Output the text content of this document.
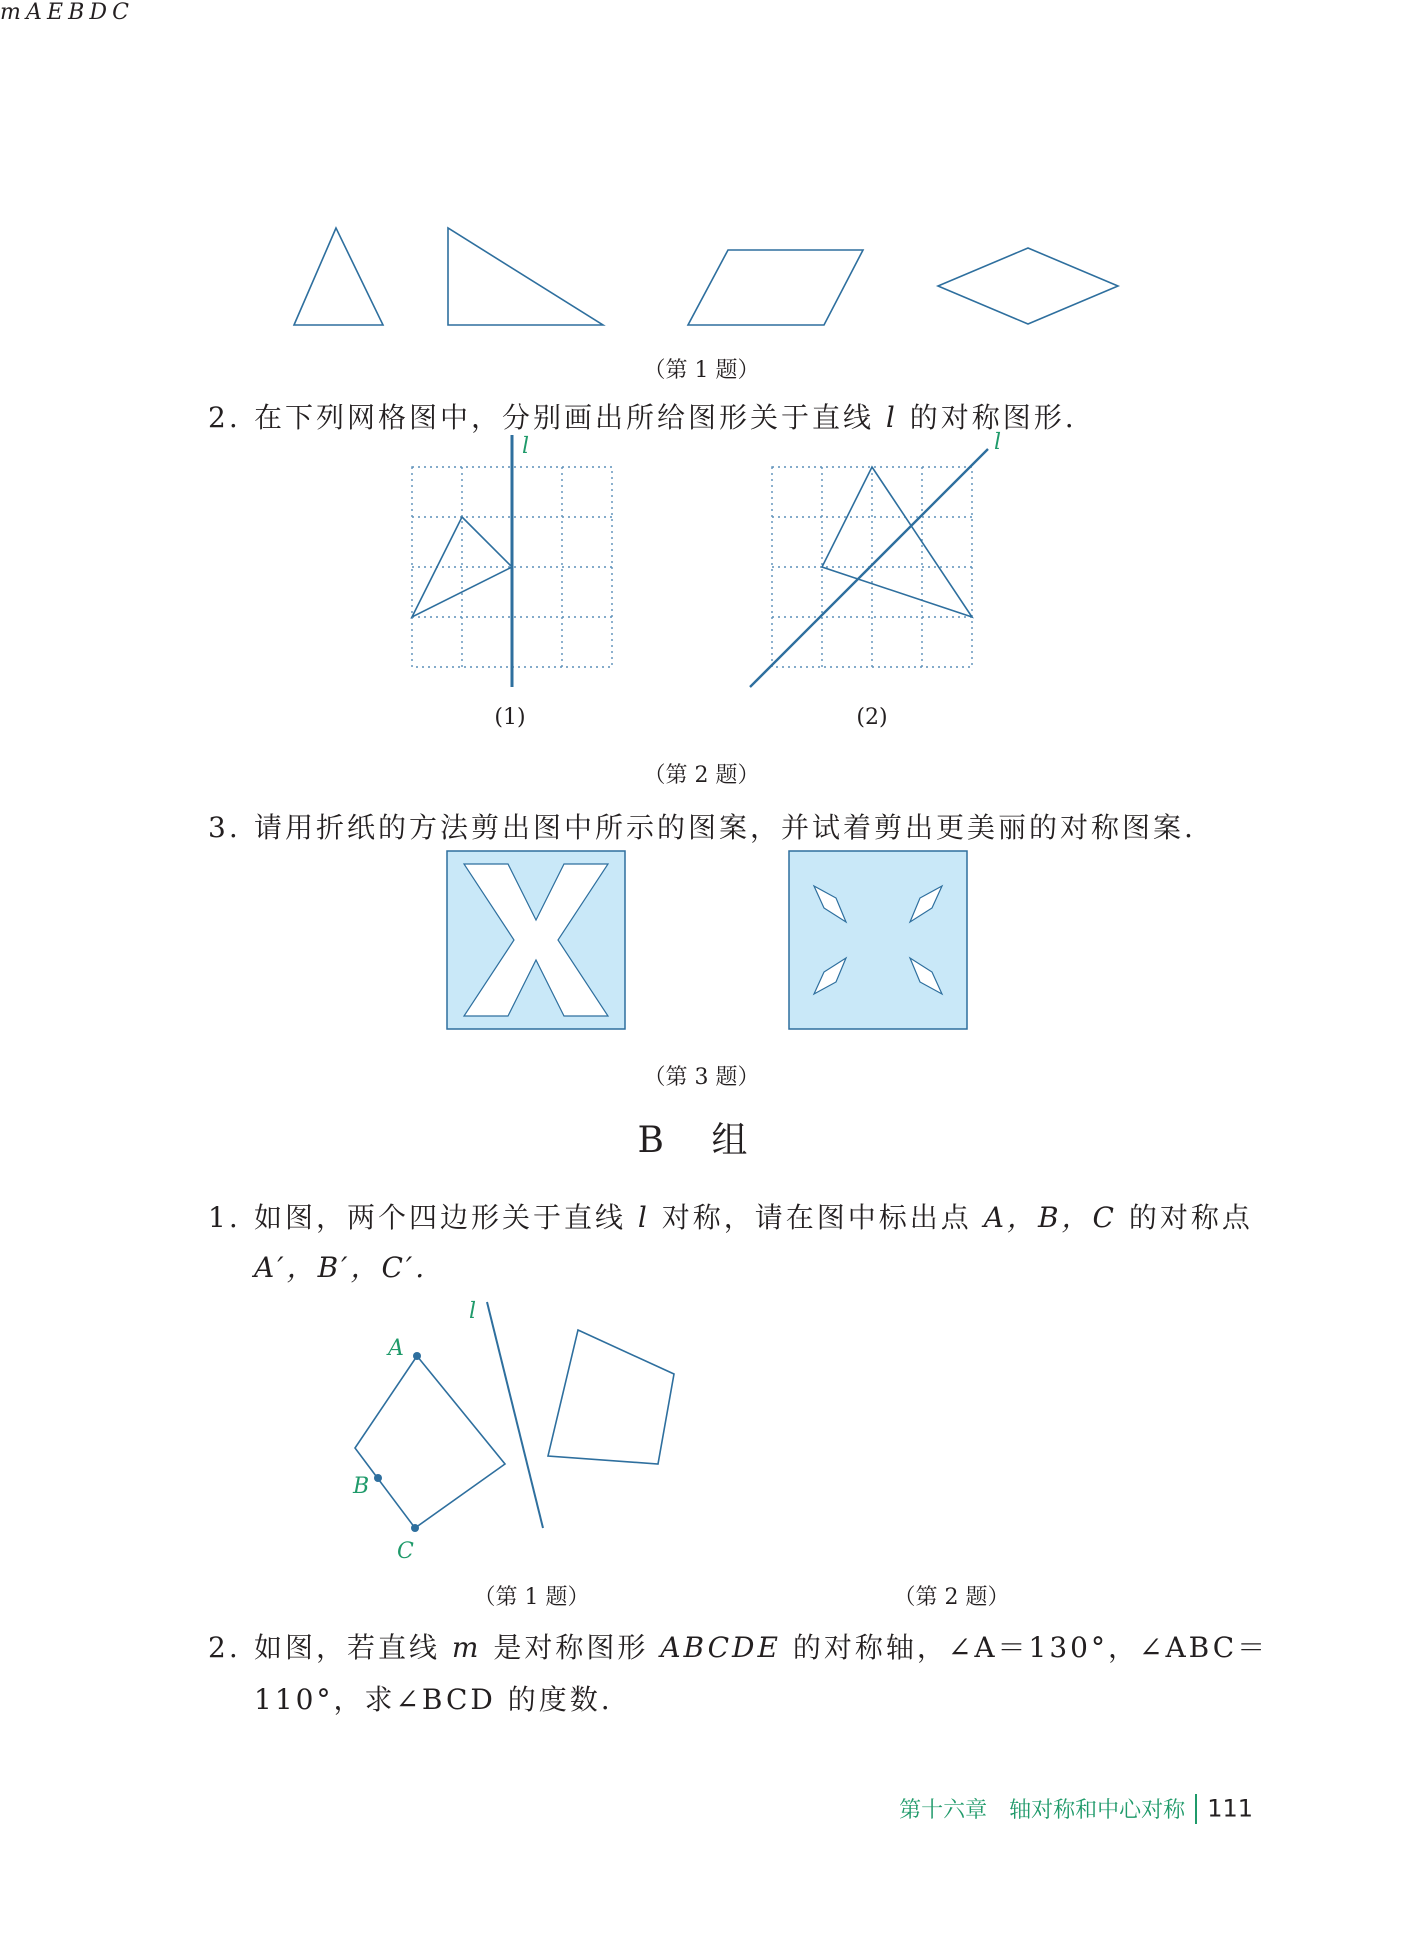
（第 1 题）
2. 在下列网格图中，分别画出所给图形关于直线 l 的对称图形.
l
(1)
l
(2)
（第 2 题）
3. 请用折纸的方法剪出图中所示的图案，并试着剪出更美丽的对称图案.
（第 3 题）
B 组
1. 如图，两个四边形关于直线 l 对称，请在图中标出点 A，B，C 的对称点
A′，B′，C′.
l
A
B
C
（第 1 题）
m A E B D C
（第 2 题）
2. 如图，若直线 m 是对称图形 ABCDE 的对称轴，∠A＝130°，∠ABC＝
110°，求∠BCD 的度数.
第十六章　轴对称和中心对称 111
